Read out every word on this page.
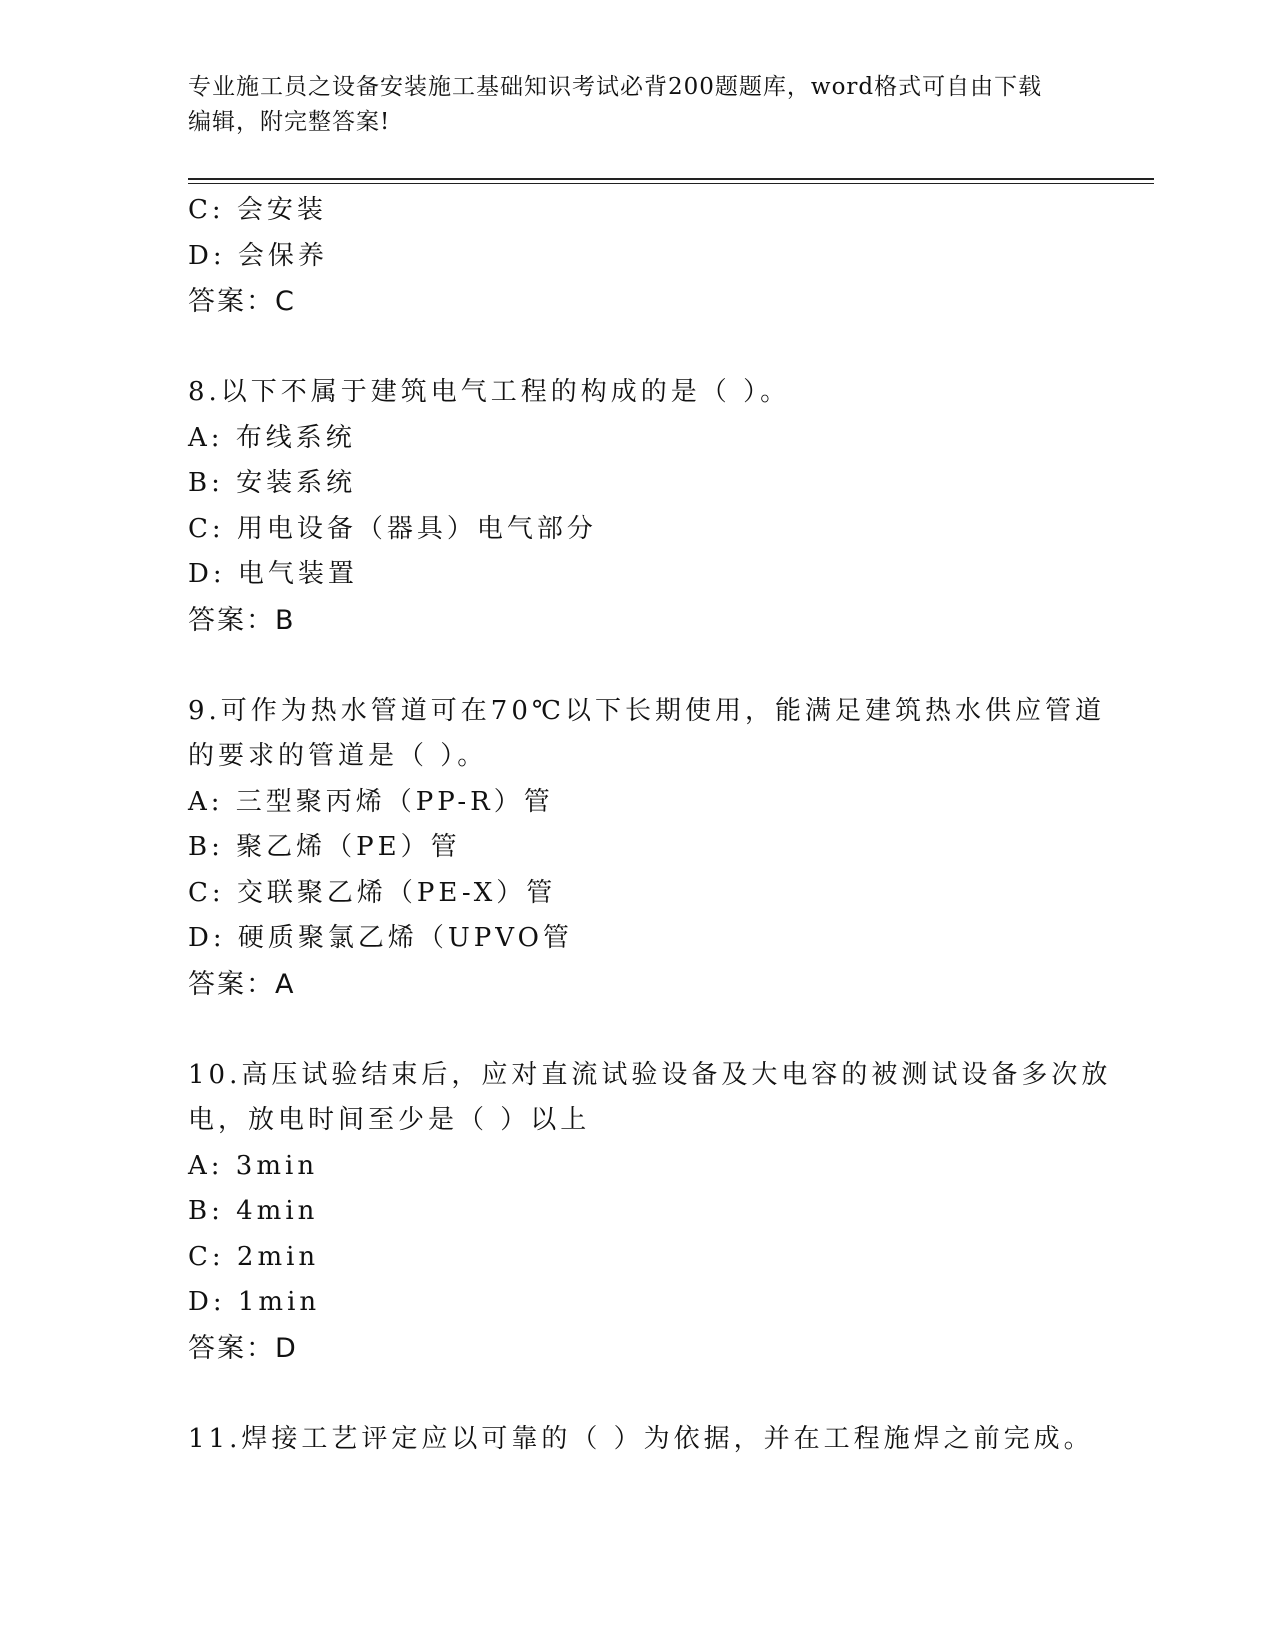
专业施工员之设备安装施工基础知识考试必背200题题库，word格式可自由下载
编辑，附完整答案!
C: 会安装
D: 会保养
答案：C
8.以下不属于建筑电气工程的构成的是（ ）。
A: 布线系统
B: 安装系统
C: 用电设备（器具）电气部分
D: 电气装置
答案：B
9.可作为热水管道可在70℃以下长期使用，能满足建筑热水供应管道
的要求的管道是（ ）。
A: 三型聚丙烯（PP-R）管
B: 聚乙烯（PE）管
C: 交联聚乙烯（PE-X）管
D: 硬质聚氯乙烯（UPVO管
答案：A
10.高压试验结束后，应对直流试验设备及大电容的被测试设备多次放
电，放电时间至少是（ ）以上
A: 3min
B: 4min
C: 2min
D: 1min
答案：D
11.焊接工艺评定应以可靠的（ ）为依据，并在工程施焊之前完成。
